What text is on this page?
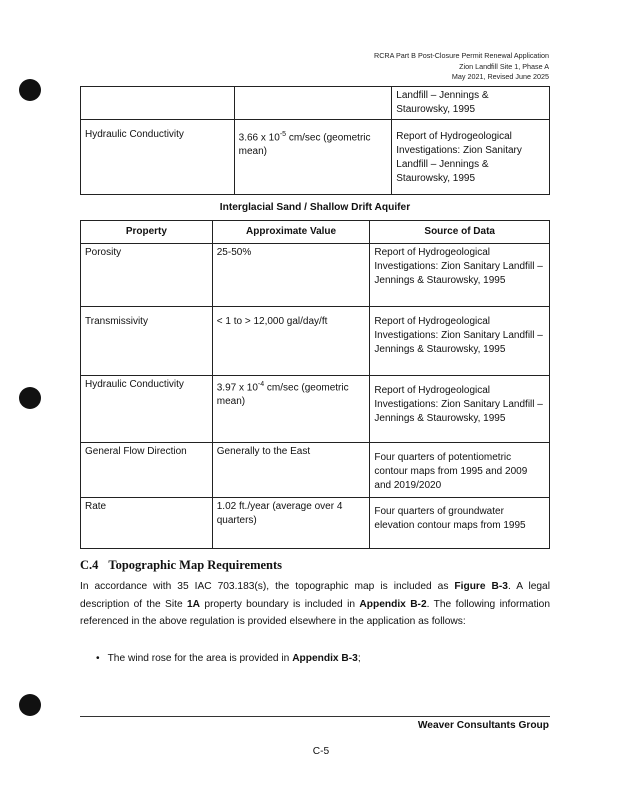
RCRA Part B Post-Closure Permit Renewal Application
Zion Landfill Site 1, Phase A
May 2021, Revised June 2025
		Landfill – Jennings & Staurowsky, 1995
Hydraulic Conductivity	3.66 x $10^{-5}$ cm/sec (geometric mean)	Report of Hydrogeological Investigations: Zion Sanitary Landfill – Jennings & Staurowsky, 1995
Interglacial Sand / Shallow Drift Aquifer
Property	Approximate Value	Source of Data
Porosity	25-50%	Report of Hydrogeological Investigations: Zion Sanitary Landfill – Jennings & Staurowsky, 1995
Transmissivity	< 1 to > 12,000 gal/day/ft	Report of Hydrogeological Investigations: Zion Sanitary Landfill – Jennings & Staurowsky, 1995
Hydraulic Conductivity	3.97 x $10^{-4}$ cm/sec (geometric mean)	Report of Hydrogeological Investigations: Zion Sanitary Landfill – Jennings & Staurowsky, 1995
General Flow Direction	Generally to the East	Four quarters of potentiometric contour maps from 1995 and 2009 and 2019/2020
Rate	1.02 ft./year (average over 4 quarters)	Four quarters of groundwater elevation contour maps from 1995
C.4 Topographic Map Requirements
In accordance with 35 IAC 703.183(s), the topographic map is included as Figure B-3. A legal description of the Site 1A property boundary is included in Appendix B-2. The following information referenced in the above regulation is provided elsewhere in the application as follows:
• The wind rose for the area is provided in Appendix B-3;
Weaver Consultants Group
C-5
